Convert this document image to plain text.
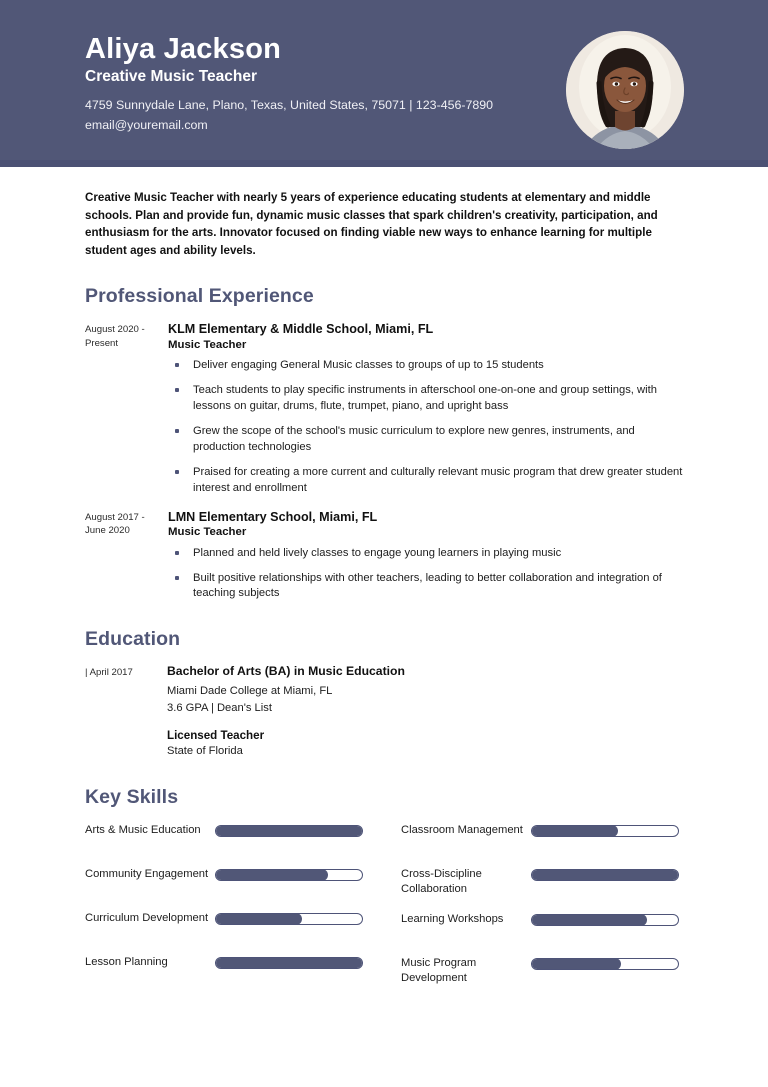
Aliya Jackson
Creative Music Teacher
4759 Sunnydale Lane, Plano, Texas, United States, 75071 | 123-456-7890
email@youremail.com

Creative Music Teacher with nearly 5 years of experience educating students at elementary and middle schools. Plan and provide fun, dynamic music classes that spark children's creativity, participation, and enthusiasm for the arts. Innovator focused on finding viable new ways to enhance learning for multiple student ages and ability levels.

Professional Experience
August 2020 - Present
KLM Elementary & Middle School, Miami, FL
Music Teacher
Deliver engaging General Music classes to groups of up to 15 students
Teach students to play specific instruments in afterschool one-on-one and group settings, with lessons on guitar, drums, flute, trumpet, piano, and upright bass
Grew the scope of the school's music curriculum to explore new genres, instruments, and production technologies
Praised for creating a more current and culturally relevant music program that drew greater student interest and enrollment
August 2017 - June 2020
LMN Elementary School, Miami, FL
Music Teacher
Planned and held lively classes to engage young learners in playing music
Built positive relationships with other teachers, leading to better collaboration and integration of teaching subjects
Education
| April 2017	Bachelor of Arts (BA) in Music Education
Miami Dade College at Miami, FL
3.6 GPA | Dean's List
Licensed Teacher
State of Florida
Key Skills
Arts & Music Education
Community Engagement
Curriculum Development
Lesson Planning
Classroom Management
Cross-Discipline Collaboration
Learning Workshops
Music Program Development
